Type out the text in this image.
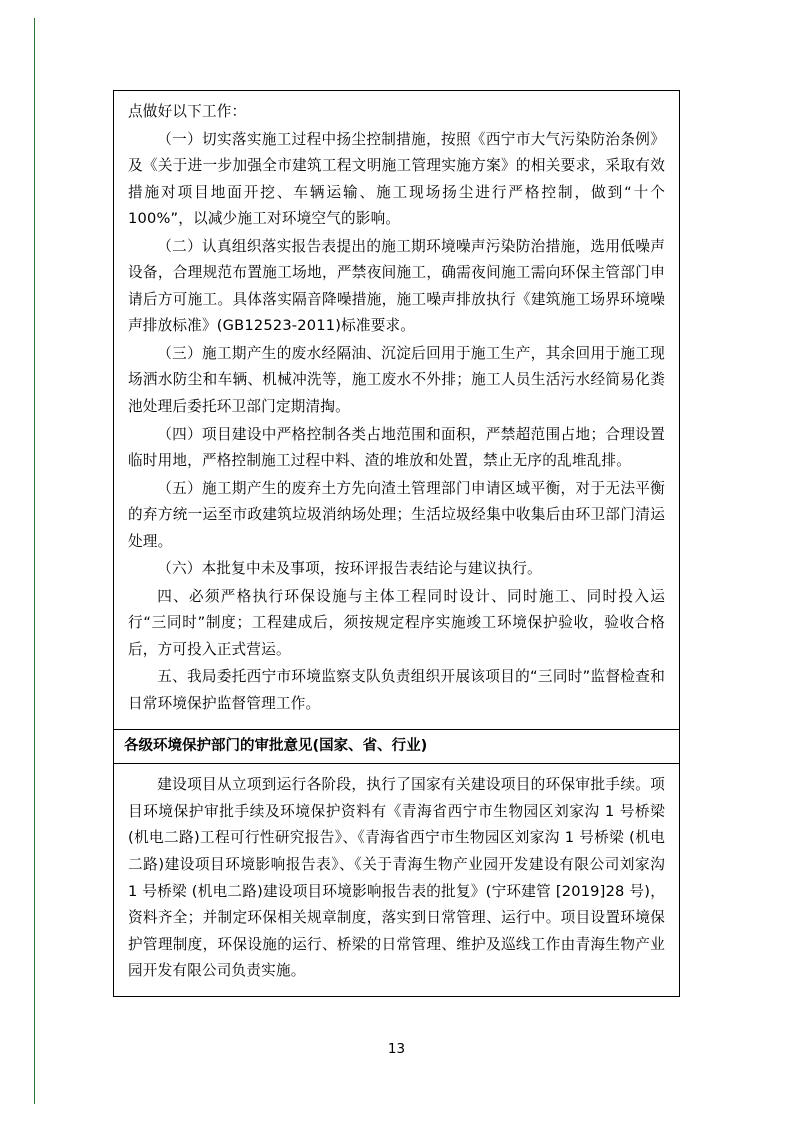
点做好以下工作：

（一）切实落实施工过程中扬尘控制措施，按照《西宁市大气污染防治条例》及《关于进一步加强全市建筑工程文明施工管理实施方案》的相关要求，采取有效措施对项目地面开挖、车辆运输、施工现场扬尘进行严格控制，做到“十个 100%”，以减少施工对环境空气的影响。

（二）认真组织落实报告表提出的施工期环境噪声污染防治措施，选用低噪声设备，合理规范布置施工场地，严禁夜间施工，确需夜间施工需向环保主管部门申请后方可施工。具体落实隔音降噪措施，施工噪声排放执行《建筑施工场界环境噪声排放标准》(GB12523-2011)标准要求。

（三）施工期产生的废水经隔油、沉淀后回用于施工生产，其余回用于施工现场洒水防尘和车辆、机械冲洗等，施工废水不外排；施工人员生活污水经简易化粪池处理后委托环卫部门定期清掏。

（四）项目建设中严格控制各类占地范围和面积，严禁超范围占地；合理设置临时用地，严格控制施工过程中料、渣的堆放和处置，禁止无序的乱堆乱排。

（五）施工期产生的废弃土方先向渣土管理部门申请区域平衡，对于无法平衡的弃方统一运至市政建筑垃圾消纳场处理；生活垃圾经集中收集后由环卫部门清运处理。

（六）本批复中未及事项，按环评报告表结论与建议执行。

四、必须严格执行环保设施与主体工程同时设计、同时施工、同时投入运行“三同时”制度；工程建成后，须按规定程序实施竣工环境保护验收，验收合格后，方可投入正式营运。

五、我局委托西宁市环境监察支队负责组织开展该项目的“三同时”监督检查和日常环境保护监督管理工作。

各级环境保护部门的审批意见(国家、省、行业)

建设项目从立项到运行各阶段，执行了国家有关建设项目的环保审批手续。项目环境保护审批手续及环境保护资料有《青海省西宁市生物园区刘家沟 1 号桥梁 (机电二路)工程可行性研究报告》、《青海省西宁市生物园区刘家沟 1 号桥梁 (机电二路)建设项目环境影响报告表》、《关于青海生物产业园开发建设有限公司刘家沟 1 号桥梁 (机电二路)建设项目环境影响报告表的批复》(宁环建管 [2019]28 号)，资料齐全；并制定环保相关规章制度，落实到日常管理、运行中。项目设置环境保护管理制度，环保设施的运行、桥梁的日常管理、维护及巡线工作由青海生物产业园开发有限公司负责实施。

13
